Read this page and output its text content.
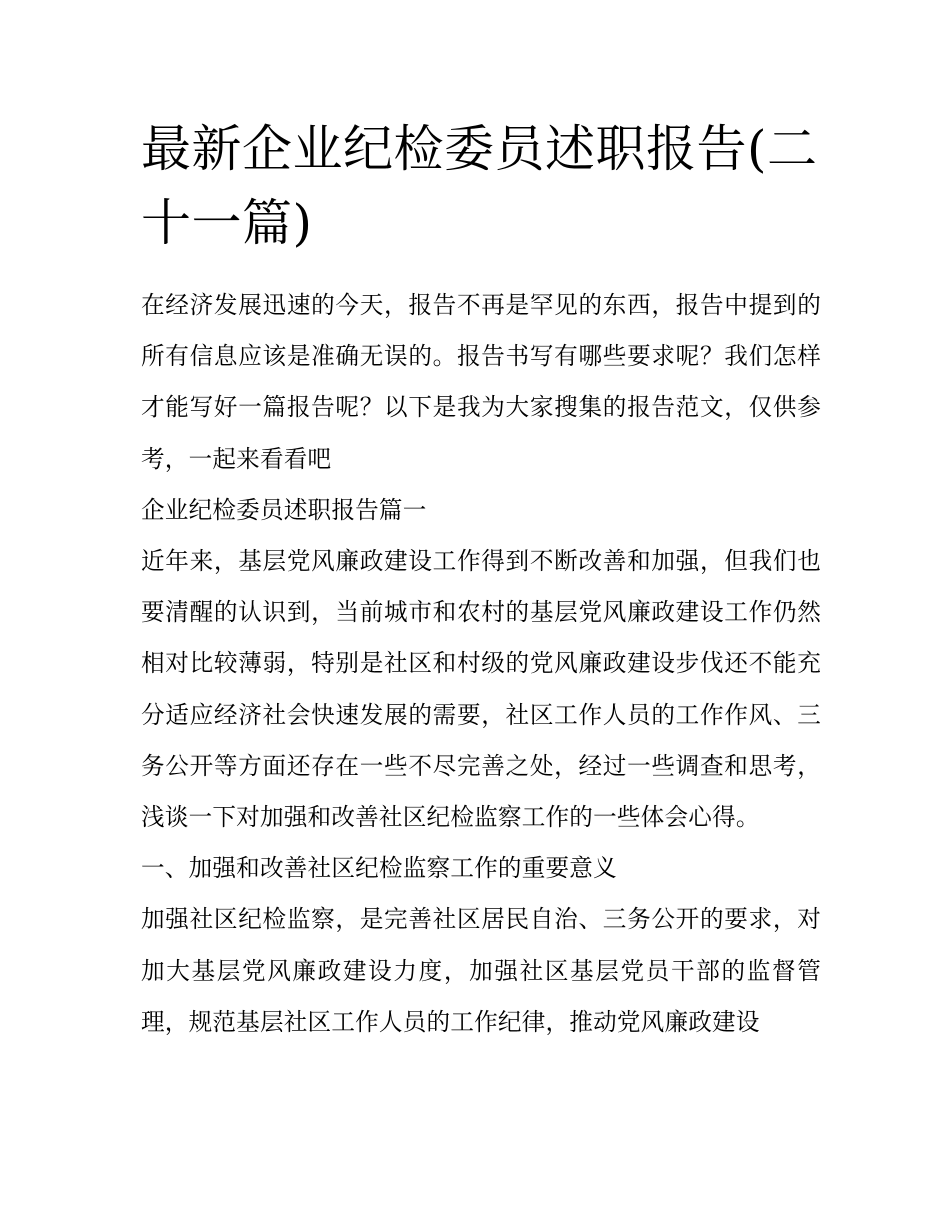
最新企业纪检委员述职报告(二十一篇)

在经济发展迅速的今天，报告不再是罕见的东西，报告中提到的所有信息应该是准确无误的。报告书写有哪些要求呢？我们怎样才能写好一篇报告呢？以下是我为大家搜集的报告范文，仅供参考，一起来看看吧

企业纪检委员述职报告篇一

近年来，基层党风廉政建设工作得到不断改善和加强，但我们也要清醒的认识到，当前城市和农村的基层党风廉政建设工作仍然相对比较薄弱，特别是社区和村级的党风廉政建设步伐还不能充分适应经济社会快速发展的需要，社区工作人员的工作作风、三务公开等方面还存在一些不尽完善之处，经过一些调查和思考，浅谈一下对加强和改善社区纪检监察工作的一些体会心得。

一、加强和改善社区纪检监察工作的重要意义

加强社区纪检监察，是完善社区居民自治、三务公开的要求，对加大基层党风廉政建设力度，加强社区基层党员干部的监督管理，规范基层社区工作人员的工作纪律，推动党风廉政建设
